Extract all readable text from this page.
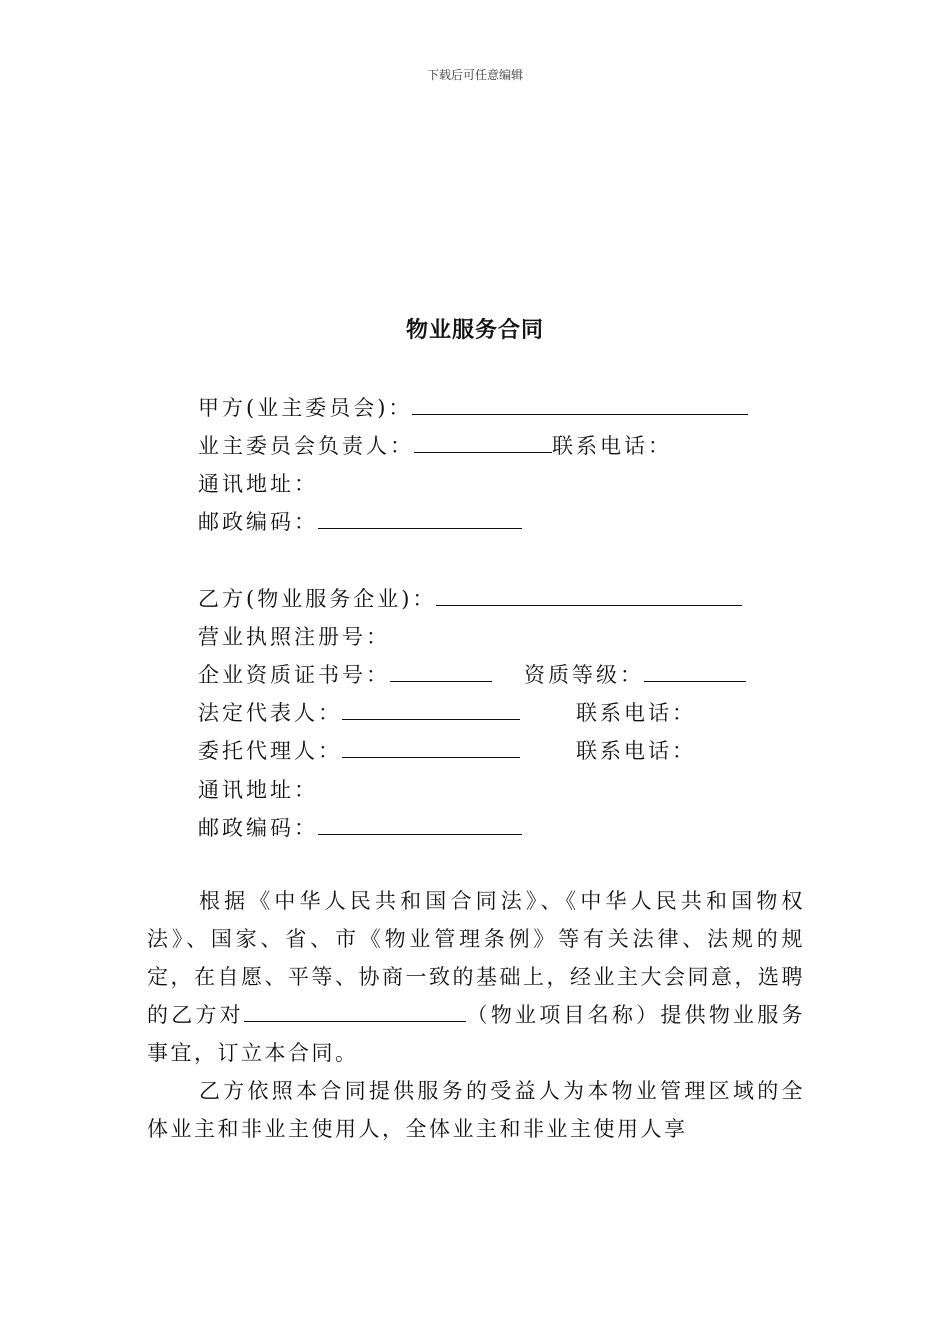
下载后可任意编辑
物业服务合同
甲方(业主委员会)：
业主委员会负责人：	联系电话：
通讯地址：
邮政编码：
乙方(物业服务企业)：
营业执照注册号：
企业资质证书号：	资质等级：
法定代表人：	联系电话：
委托代理人：	联系电话：
通讯地址：
邮政编码：
根据《中华人民共和国合同法》、《中华人民共和国物权法》、国家、省、市《物业管理条例》等有关法律、法规的规定，在自愿、平等、协商一致的基础上，经业主大会同意，选聘的乙方对	（物业项目名称）提供物业服务事宜，订立本合同。
乙方依照本合同提供服务的受益人为本物业管理区域的全体业主和非业主使用人，全体业主和非业主使用人享
